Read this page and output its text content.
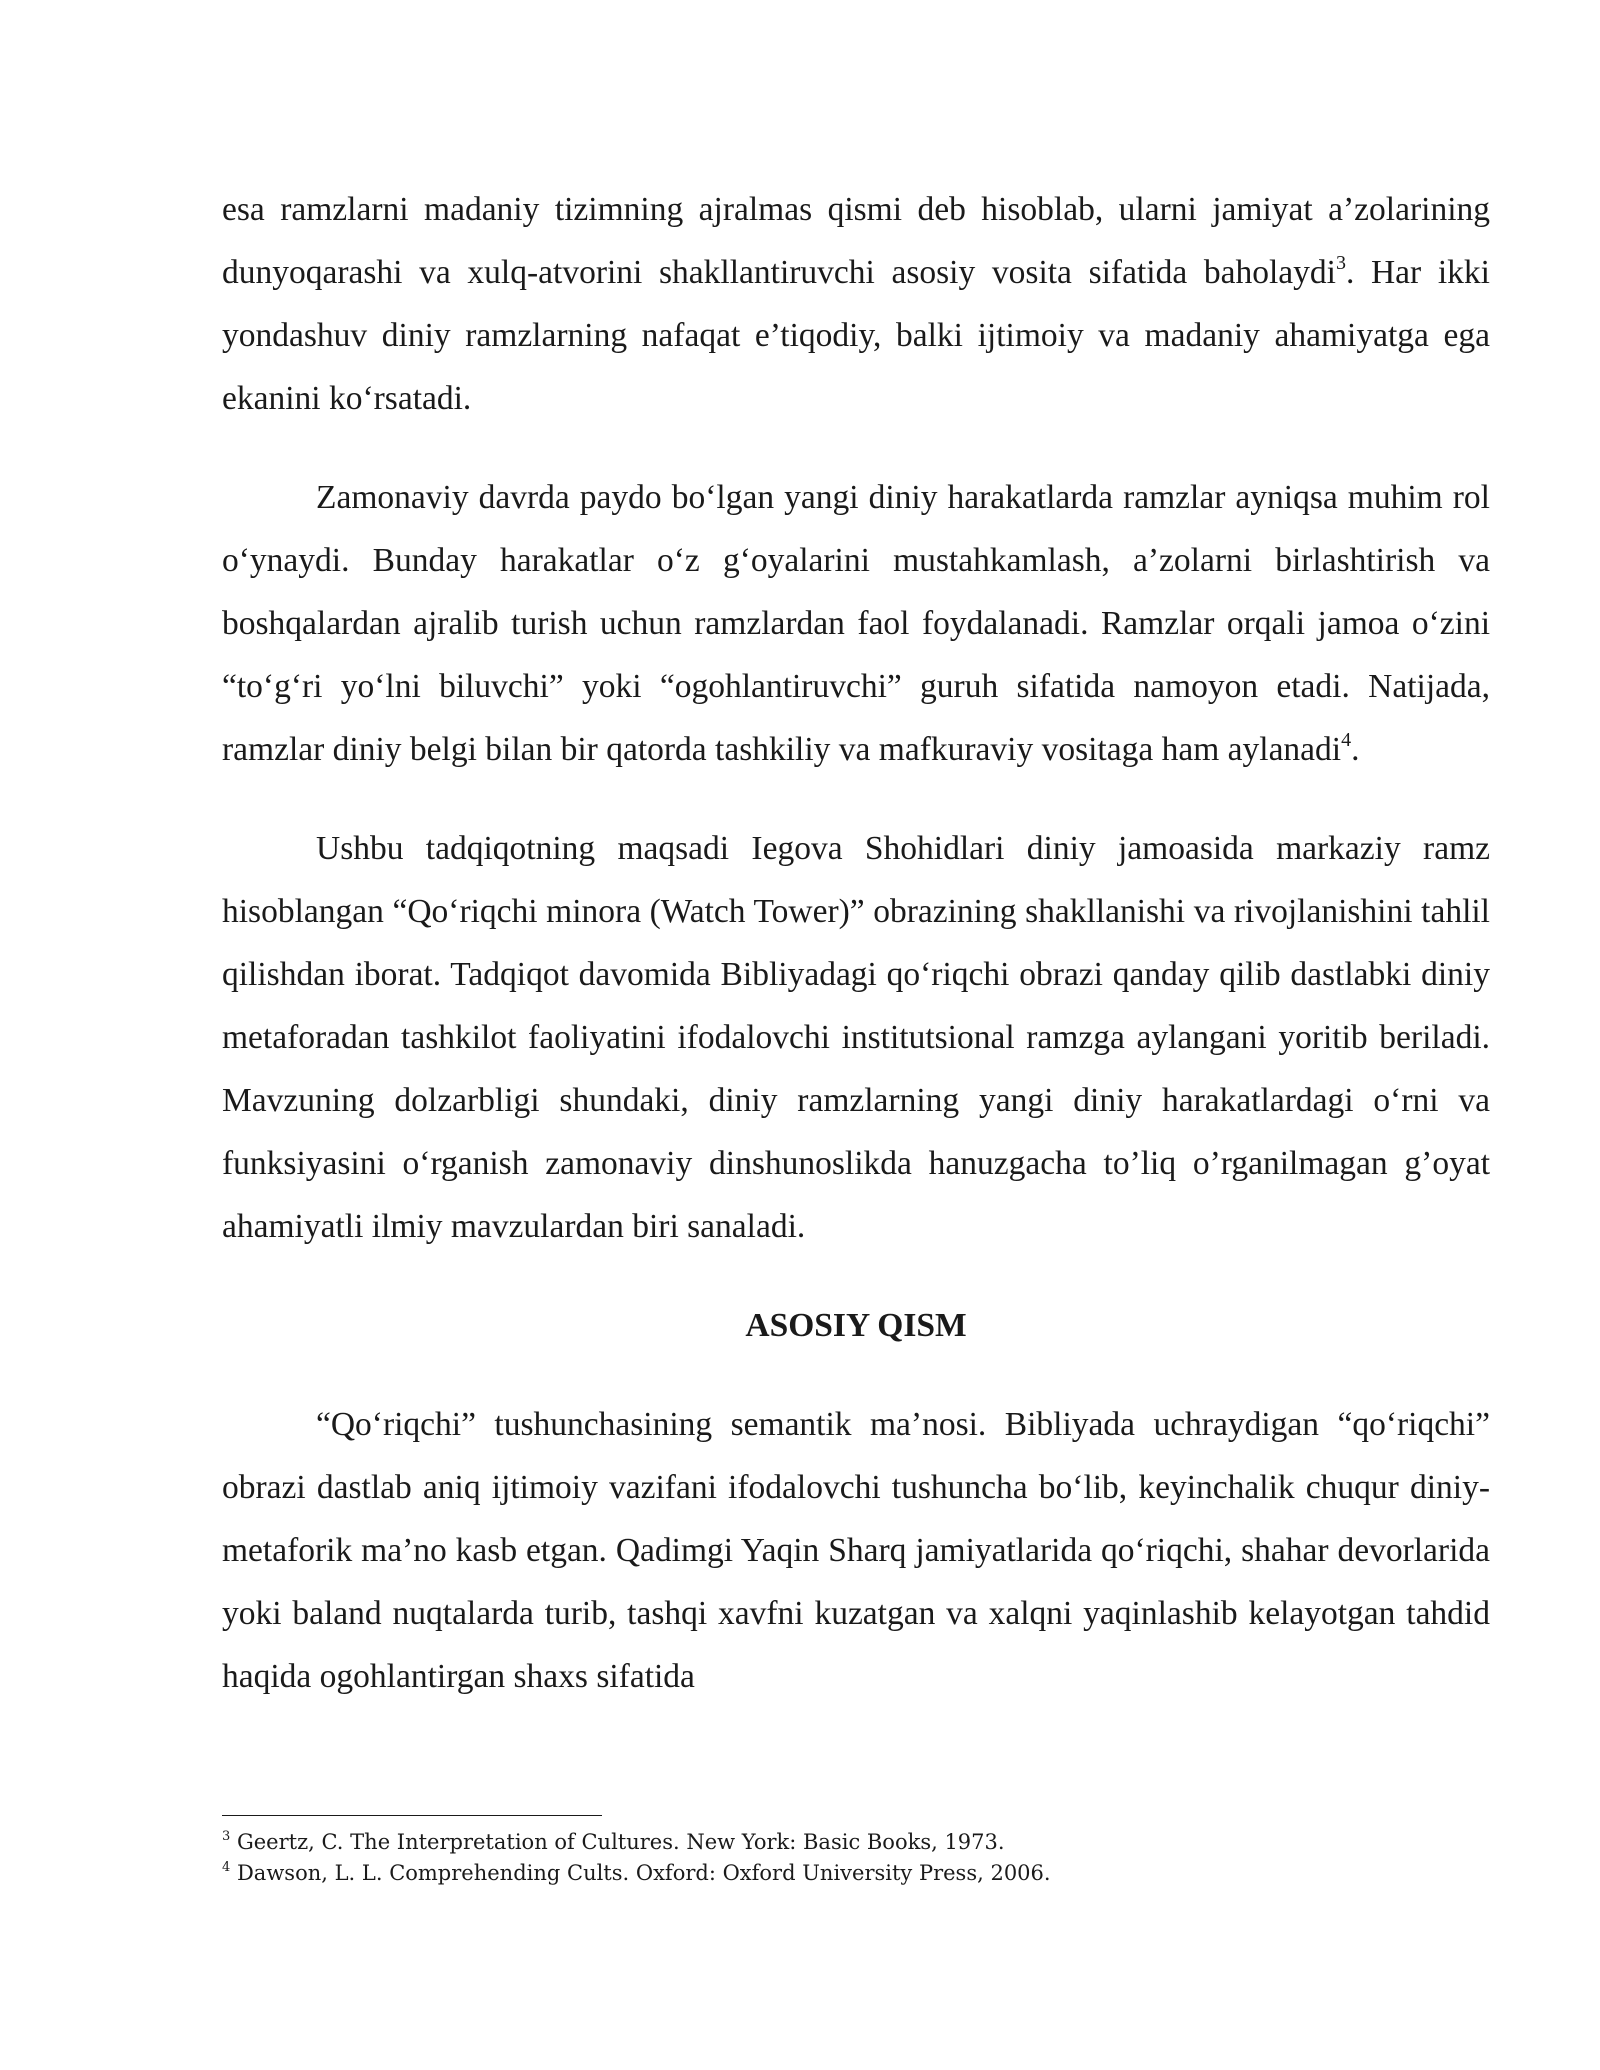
esa ramzlarni madaniy tizimning ajralmas qismi deb hisoblab, ularni jamiyat a’zolarining dunyoqarashi va xulq-atvorini shakllantiruvchi asosiy vosita sifatida baholaydi$^3$. Har ikki yondashuv diniy ramzlarning nafaqat e’tiqodiy, balki ijtimoiy va madaniy ahamiyatga ega ekanini koʻrsatadi.

Zamonaviy davrda paydo boʻlgan yangi diniy harakatlarda ramzlar ayniqsa muhim rol oʻynaydi. Bunday harakatlar oʻz gʻoyalarini mustahkamlash, a’zolarni birlashtirish va boshqalardan ajralib turish uchun ramzlardan faol foydalanadi. Ramzlar orqali jamoa oʻzini “toʻgʻri yoʻlni biluvchi” yoki “ogohlantiruvchi” guruh sifatida namoyon etadi. Natijada, ramzlar diniy belgi bilan bir qatorda tashkiliy va mafkuraviy vositaga ham aylanadi$^4$.

Ushbu tadqiqotning maqsadi Iegova Shohidlari diniy jamoasida markaziy ramz hisoblangan “Qoʻriqchi minora (Watch Tower)” obrazining shakllanishi va rivojlanishini tahlil qilishdan iborat. Tadqiqot davomida Bibliyadagi qoʻriqchi obrazi qanday qilib dastlabki diniy metaforadan tashkilot faoliyatini ifodalovchi institutsional ramzga aylangani yoritib beriladi. Mavzuning dolzarbligi shundaki, diniy ramzlarning yangi diniy harakatlardagi oʻrni va funksiyasini oʻrganish zamonaviy dinshunoslikda hanuzgacha to’liq o’rganilmagan g’oyat ahamiyatli ilmiy mavzulardan biri sanaladi.

ASOSIY QISM

“Qoʻriqchi” tushunchasining semantik ma’nosi. Bibliyada uchraydigan “qoʻriqchi” obrazi dastlab aniq ijtimoiy vazifani ifodalovchi tushuncha boʻlib, keyinchalik chuqur diniy-metaforik ma’no kasb etgan. Qadimgi Yaqin Sharq jamiyatlarida qoʻriqchi, shahar devorlarida yoki baland nuqtalarda turib, tashqi xavfni kuzatgan va xalqni yaqinlashib kelayotgan tahdid haqida ogohlantirgan shaxs sifatida

$^3$ Geertz, C. The Interpretation of Cultures. New York: Basic Books, 1973.

$^4$ Dawson, L. L. Comprehending Cults. Oxford: Oxford University Press, 2006.
